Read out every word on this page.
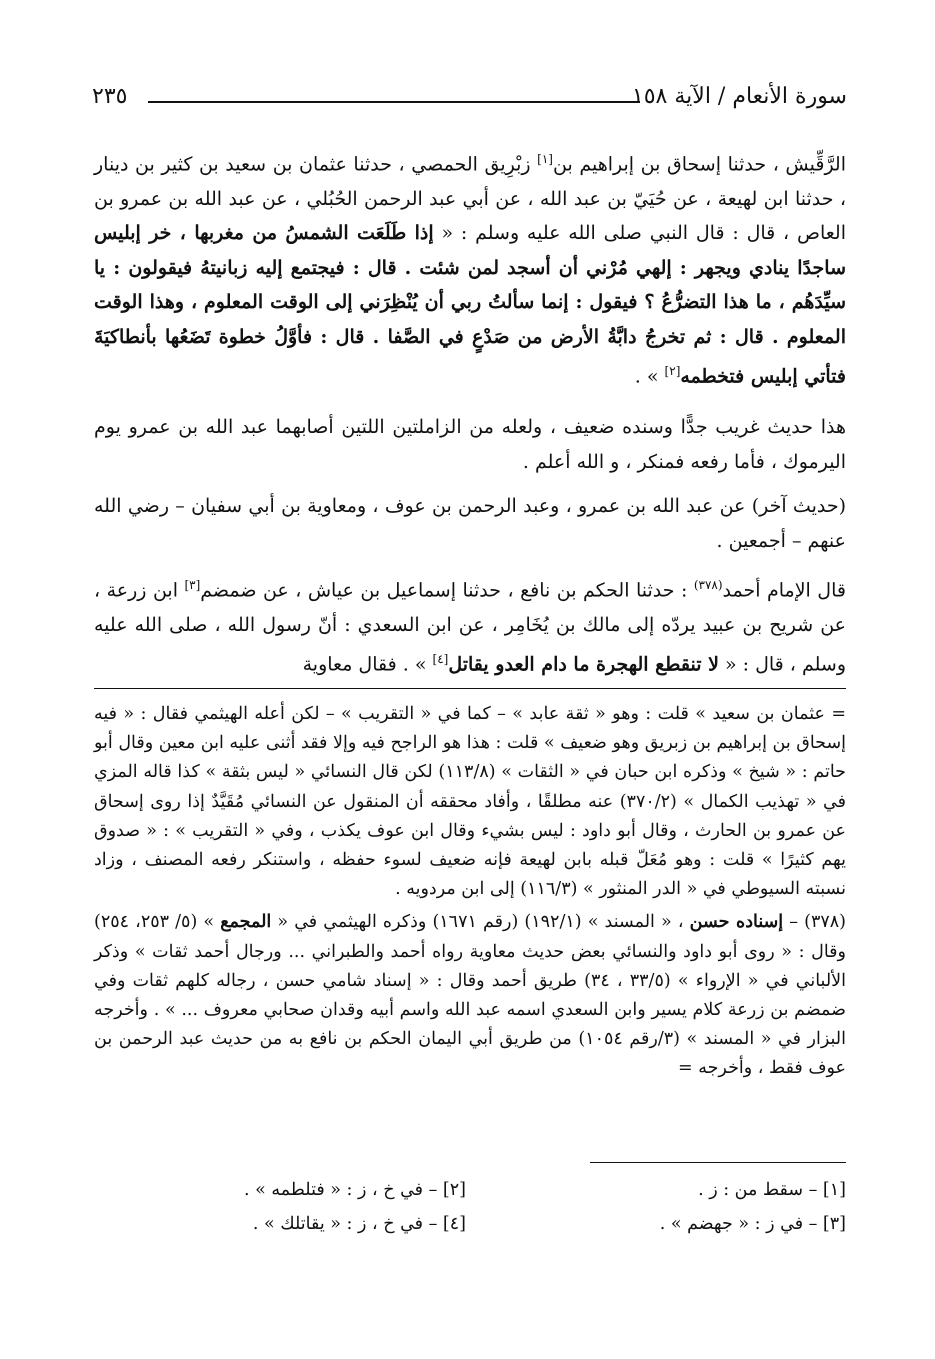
سورة الأنعام / الآية ١٥٨
٢٣٥

الرَّقِّيش ، حدثنا إسحاق بن إبراهيم بن[١] زبْرِيق الحمصي ، حدثنا عثمان بن سعيد بن كثير بن دينار ، حدثنا ابن لهيعة ، عن حُيَيّ بن عبد الله ، عن أبي عبد الرحمن الحُبُلي ، عن عبد الله بن عمرو بن العاص ، قال : قال النبي صلى الله عليه وسلم : « إذا طَلَعَت الشمسُ من مغربها ، خر إبليس ساجدًا ينادي ويجهر : إلهي مُرْني أن أسجد لمن شئت . قال : فيجتمع إليه زبانيتهُ فيقولون : يا سيِّدَهُم ، ما هذا التضرُّعُ ؟ فيقول : إنما سألتُ ربي أن يُنْظِرَني إلى الوقت المعلوم ، وهذا الوقت المعلوم . قال : ثم تخرجُ دابَّةُ الأرض من صَدْعٍ في الصَّفا . قال : فأوَّلُ خطوة تَضَعُها بأنطاكيَةَ فتأتي إبليس فتخطمه[٢] » .

هذا حديث غريب جدًّا وسنده ضعيف ، ولعله من الزاملتين اللتين أصابهما عبد الله بن عمرو يوم اليرموك ، فأما رفعه فمنكر ، و الله أعلم .

(حديث آخر) عن عبد الله بن عمرو ، وعبد الرحمن بن عوف ، ومعاوية بن أبي سفيان – رضي الله عنهم – أجمعين .

قال الإمام أحمد$^{(٣٧٨)}$ : حدثنا الحكم بن نافع ، حدثنا إسماعيل بن عياش ، عن ضمضم[٣] ابن زرعة ، عن شريح بن عبيد يردّه إلى مالك بن يُخَامِر ، عن ابن السعدي : أنّ رسول الله ، صلى الله عليه وسلم ، قال : « لا تنقطع الهجرة ما دام العدو يقاتل[٤] » . فقال معاوية

= عثمان بن سعيد » قلت : وهو « ثقة عابد » – كما في « التقريب » – لكن أعله الهيثمي فقال : « فيه إسحاق بن إبراهيم بن زبريق وهو ضعيف » قلت : هذا هو الراجح فيه وإلا فقد أثنى عليه ابن معين وقال أبو حاتم : « شيخ » وذكره ابن حبان في « الثقات » (١١٣/٨) لكن قال النسائي « ليس بثقة » كذا قاله المزي في « تهذيب الكمال » (٣٧٠/٢) عنه مطلقًا ، وأفاد محققه أن المنقول عن النسائي مُقَيَّدٌ إذا روى إسحاق عن عمرو بن الحارث ، وقال أبو داود : ليس بشيء وقال ابن عوف يكذب ، وفي « التقريب » : « صدوق يهم كثيرًا » قلت : وهو مُعَلّ قبله بابن لهيعة فإنه ضعيف لسوء حفظه ، واستنكر رفعه المصنف ، وزاد نسبته السيوطي في « الدر المنثور » (١١٦/٣) إلى ابن مردويه .

(٣٧٨) – إسناده حسن ، « المسند » (١٩٢/١) (رقم ١٦٧١) وذكره الهيثمي في « المجمع » (٥/ ٢٥٣، ٢٥٤) وقال : « روى أبو داود والنسائي بعض حديث معاوية رواه أحمد والطبراني ... ورجال أحمد ثقات » وذكر الألباني في « الإرواء » (٣٣/٥ ، ٣٤) طريق أحمد وقال : « إسناد شامي حسن ، رجاله كلهم ثقات وفي ضمضم بن زرعة كلام يسير وابن السعدي اسمه عبد الله واسم أبيه وقدان صحابي معروف ... » . وأخرجه البزار في « المسند » (٣/رقم ١٠٥٤) من طريق أبي اليمان الحكم بن نافع به من حديث عبد الرحمن بن عوف فقط ، وأخرجه =

[١] – سقط من : ز .
[٢] – في خ ، ز : « فتلطمه » .
[٣] – في ز : « جهضم » .
[٤] – في خ ، ز : « يقاتلك » .
